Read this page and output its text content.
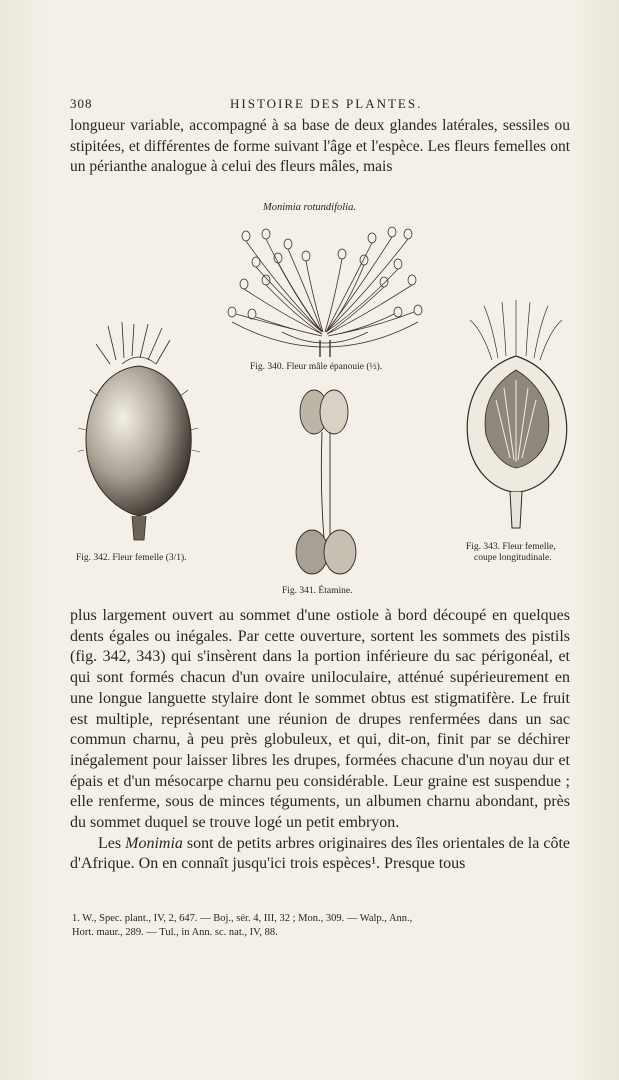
308	HISTOIRE DES PLANTES.

longueur variable, accompagné à sa base de deux glandes latérales, sessiles ou stipitées, et différentes de forme suivant l'âge et l'espèce. Les fleurs femelles ont un périanthe analogue à celui des fleurs mâles, mais

Monimia rotundifolia.
Fig. 340. Fleur mâle épanouie (½).
Fig. 342. Fleur femelle (3/1).
Fig. 341. Étamine.
Fig. 343. Fleur femelle,
coupe longitudinale.

plus largement ouvert au sommet d'une ostiole à bord découpé en quelques dents égales ou inégales. Par cette ouverture, sortent les sommets des pistils (fig. 342, 343) qui s'insèrent dans la portion inférieure du sac périgonéal, et qui sont formés chacun d'un ovaire uniloculaire, atténué supérieurement en une longue languette stylaire dont le sommet obtus est stigmatifère. Le fruit est multiple, représentant une réunion de drupes renfermées dans un sac commun charnu, à peu près globuleux, et qui, dit-on, finit par se déchirer inégalement pour laisser libres les drupes, formées chacune d'un noyau dur et épais et d'un mésocarpe charnu peu considérable. Leur graine est suspendue ; elle renferme, sous de minces téguments, un albumen charnu abondant, près du sommet duquel se trouve logé un petit embryon.

Les Monimia sont de petits arbres originaires des îles orientales de la côte d'Afrique. On en connaît jusqu'ici trois espèces¹. Presque tous

1. W., Spec. plant., IV, 2, 647. — Boj., sér. 4, III, 32 ; Mon., 309. — Walp., Ann.,

Hort. maur., 289. — Tul., in Ann. sc. nat., IV, 88.
